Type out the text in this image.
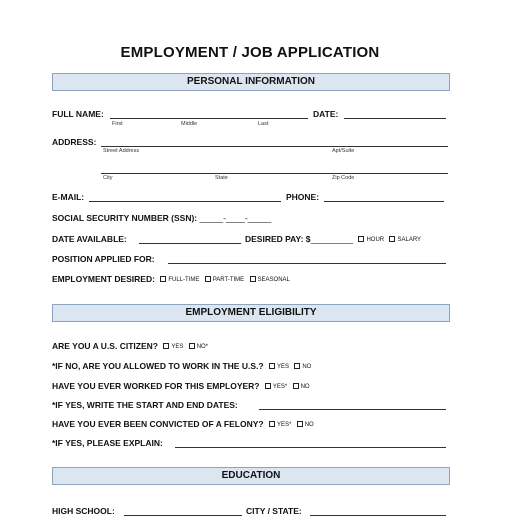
EMPLOYMENT / JOB APPLICATION
PERSONAL INFORMATION
FULL NAME:
First	Middle	Last
DATE:
ADDRESS:
Street Address	Apt/Suite
City	State	Zip Code
E-MAIL:	PHONE:
SOCIAL SECURITY NUMBER (SSN): _____-____-_____
DATE AVAILABLE:	DESIRED PAY: $_________ HOUR SALARY
POSITION APPLIED FOR:
EMPLOYMENT DESIRED: FULL-TIME PART-TIME SEASONAL
EMPLOYMENT ELIGIBILITY
ARE YOU A U.S. CITIZEN? YES NO*
*IF NO, ARE YOU ALLOWED TO WORK IN THE U.S.? YES NO
HAVE YOU EVER WORKED FOR THIS EMPLOYER? YES* NO
*IF YES, WRITE THE START AND END DATES:
HAVE YOU EVER BEEN CONVICTED OF A FELONY? YES* NO
*IF YES, PLEASE EXPLAIN:
EDUCATION
HIGH SCHOOL:	CITY / STATE:
